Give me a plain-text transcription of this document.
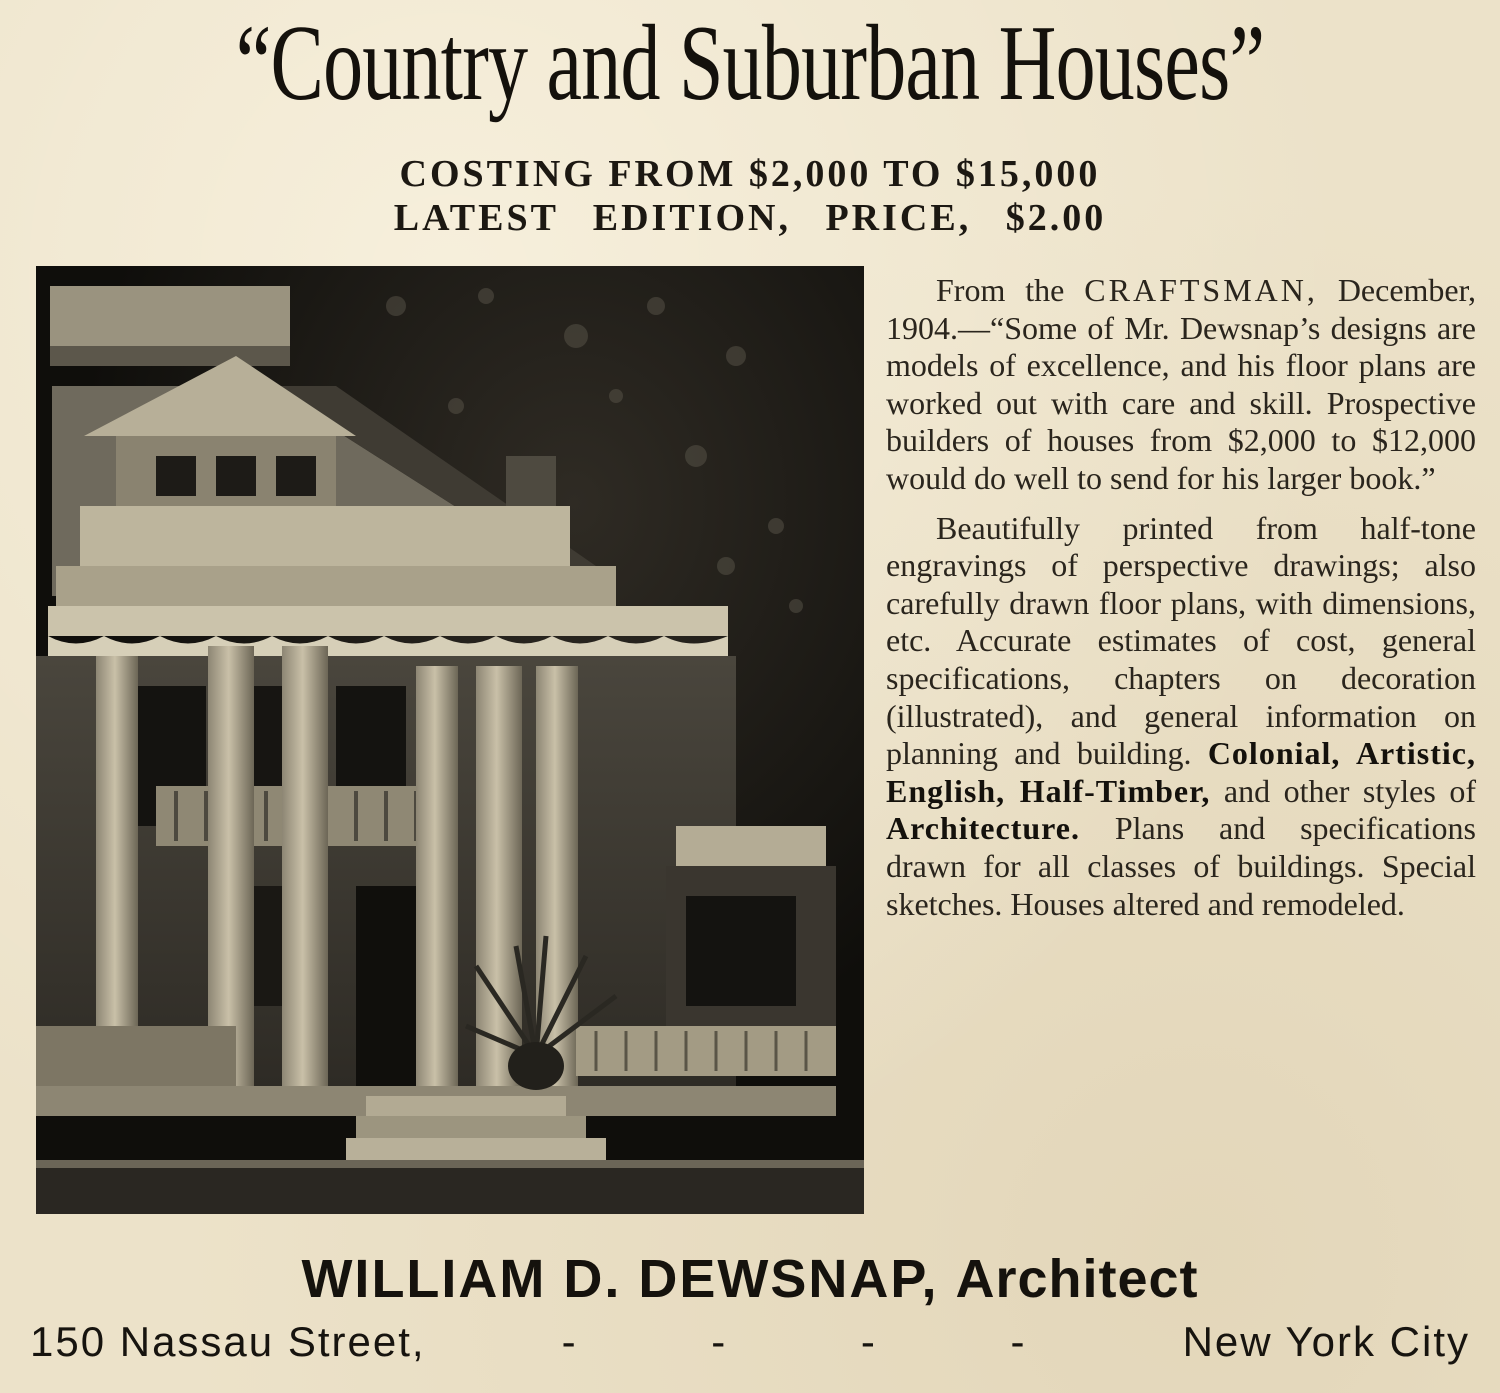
“Country and Suburban Houses”
COSTING FROM $2,000 TO $15,000
LATEST EDITION, PRICE, $2.00

From the CRAFTSMAN, December, 1904.—“Some of Mr. Dewsnap’s designs are models of excellence, and his floor plans are worked out with care and skill. Prospective builders of houses from $2,000 to $12,000 would do well to send for his larger book.”

Beautifully printed from half-tone engravings of perspective drawings; also carefully drawn floor plans, with dimensions, etc. Accurate estimates of cost, general specifications, chapters on decoration (illustrated), and general information on planning and building. Colonial, Artistic, English, Half-Timber, and other styles of Architecture. Plans and specifications drawn for all classes of buildings. Special sketches. Houses altered and remodeled.

WILLIAM D. DEWSNAP, Architect
150 Nassau Street,	- - - - New York City
